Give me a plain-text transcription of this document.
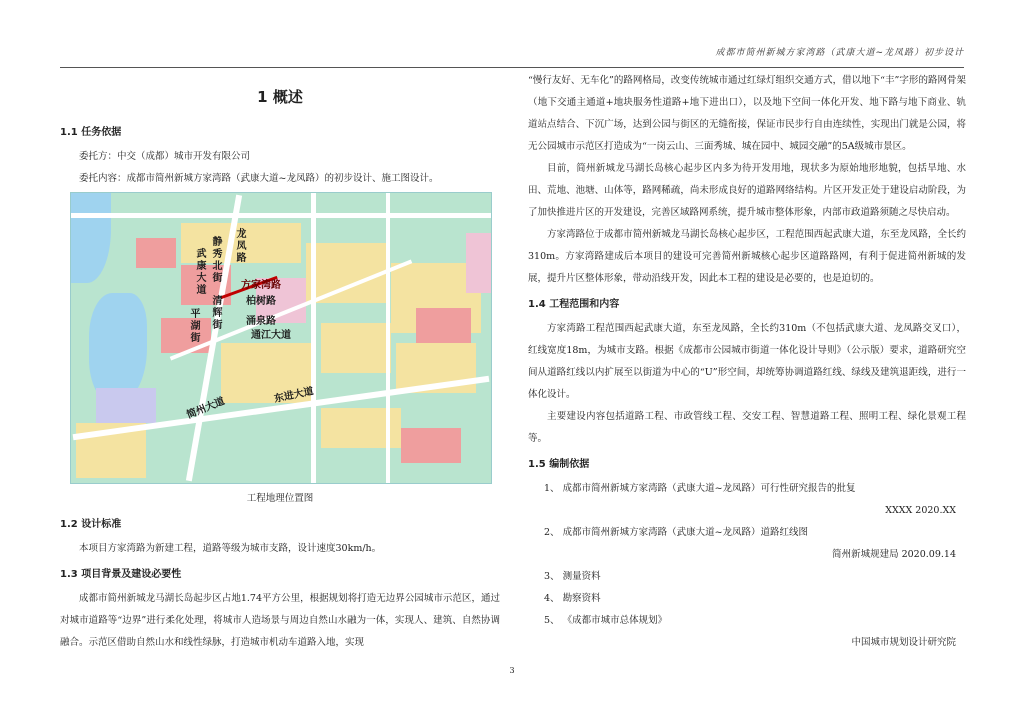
成都市简州新城方家湾路（武康大道~龙凤路）初步设计
1 概述
1.1 任务依据

委托方：中交（成都）城市开发有限公司

委托内容：成都市简州新城方家湾路（武康大道~龙凤路）的初步设计、施工图设计。

武康大道 静秀北街	龙凤路
方家湾路
柏树路
清辉街
平湖街	涌泉路
通江大道
东进大道
简州大道
工程地理位置图
1.2 设计标准

本项目方家湾路为新建工程，道路等级为城市支路，设计速度30km/h。

1.3 项目背景及建设必要性

成都市简州新城龙马湖长岛起步区占地1.74平方公里，根据规划将打造无边界公园城市示范区，通过对城市道路等“边界”进行柔化处理，将城市人造场景与周边自然山水融为一体，实现人、建筑、自然协调融合。示范区借助自然山水和线性绿脉，打造城市机动车道路入地，实现

“慢行友好、无车化”的路网格局，改变传统城市通过红绿灯组织交通方式，借以地下“丰”字形的路网骨架（地下交通主通道+地块服务性道路+地下进出口），以及地下空间一体化开发、地下路与地下商业、轨道站点结合、下沉广场，达到公园与街区的无缝衔接，保证市民步行自由连续性，实现出门就是公园，将无公园城市示范区打造成为“一岗云山、三面秀城、城在园中、城园交融”的5A级城市景区。

目前，简州新城龙马湖长岛核心起步区内多为待开发用地，现状多为原始地形地貌，包括旱地、水田、荒地、池塘、山体等，路网稀疏，尚未形成良好的道路网络结构。片区开发正处于建设启动阶段，为了加快推进片区的开发建设，完善区域路网系统，提升城市整体形象，内部市政道路须随之尽快启动。

方家湾路位于成都市简州新城龙马湖长岛核心起步区，工程范围西起武康大道，东至龙凤路，全长约310m。方家湾路建成后本项目的建设可完善简州新城核心起步区道路路网，有利于促进简州新城的发展，提升片区整体形象，带动沿线开发，因此本工程的建设是必要的，也是迫切的。

1.4 工程范围和内容

方家湾路工程范围西起武康大道，东至龙凤路，全长约310m（不包括武康大道、龙凤路交叉口），红线宽度18m，为城市支路。根据《成都市公园城市街道一体化设计导则》（公示版）要求，道路研究空间从道路红线以内扩展至以街道为中心的“U”形空间，却统筹协调道路红线、绿线及建筑退距线，进行一体化设计。

主要建设内容包括道路工程、市政管线工程、交安工程、智慧道路工程、照明工程、绿化景观工程等。

1.5 编制依据
1、 成都市简州新城方家湾路（武康大道~龙凤路）可行性研究报告的批复
XXXX 2020.XX
2、 成都市简州新城方家湾路（武康大道~龙凤路）道路红线图
简州新城规建局 2020.09.14
3、 测量资料
4、 勘察资料
5、 《成都市城市总体规划》
中国城市规划设计研究院
3
